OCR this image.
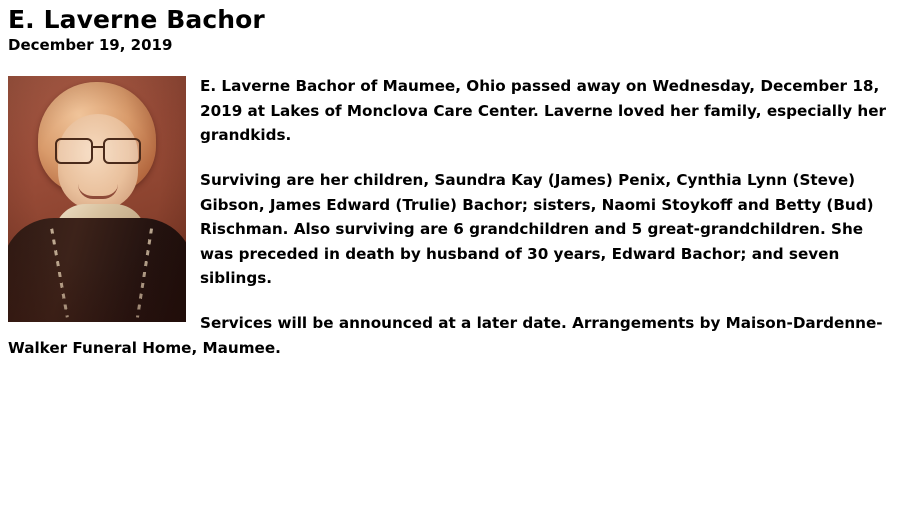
E. Laverne Bachor
December 19, 2019

E. Laverne Bachor of Maumee, Ohio passed away on Wednesday, December 18, 2019 at Lakes of Monclova Care Center. Laverne loved her family, especially her grandkids.

Surviving are her children, Saundra Kay (James) Penix, Cynthia Lynn (Steve) Gibson, James Edward (Trulie) Bachor; sisters, Naomi Stoykoff and Betty (Bud) Rischman. Also surviving are 6 grandchildren and 5 great-grandchildren. She was preceded in death by husband of 30 years, Edward Bachor; and seven siblings.

Services will be announced at a later date. Arrangements by Maison-Dardenne-Walker Funeral Home, Maumee.
